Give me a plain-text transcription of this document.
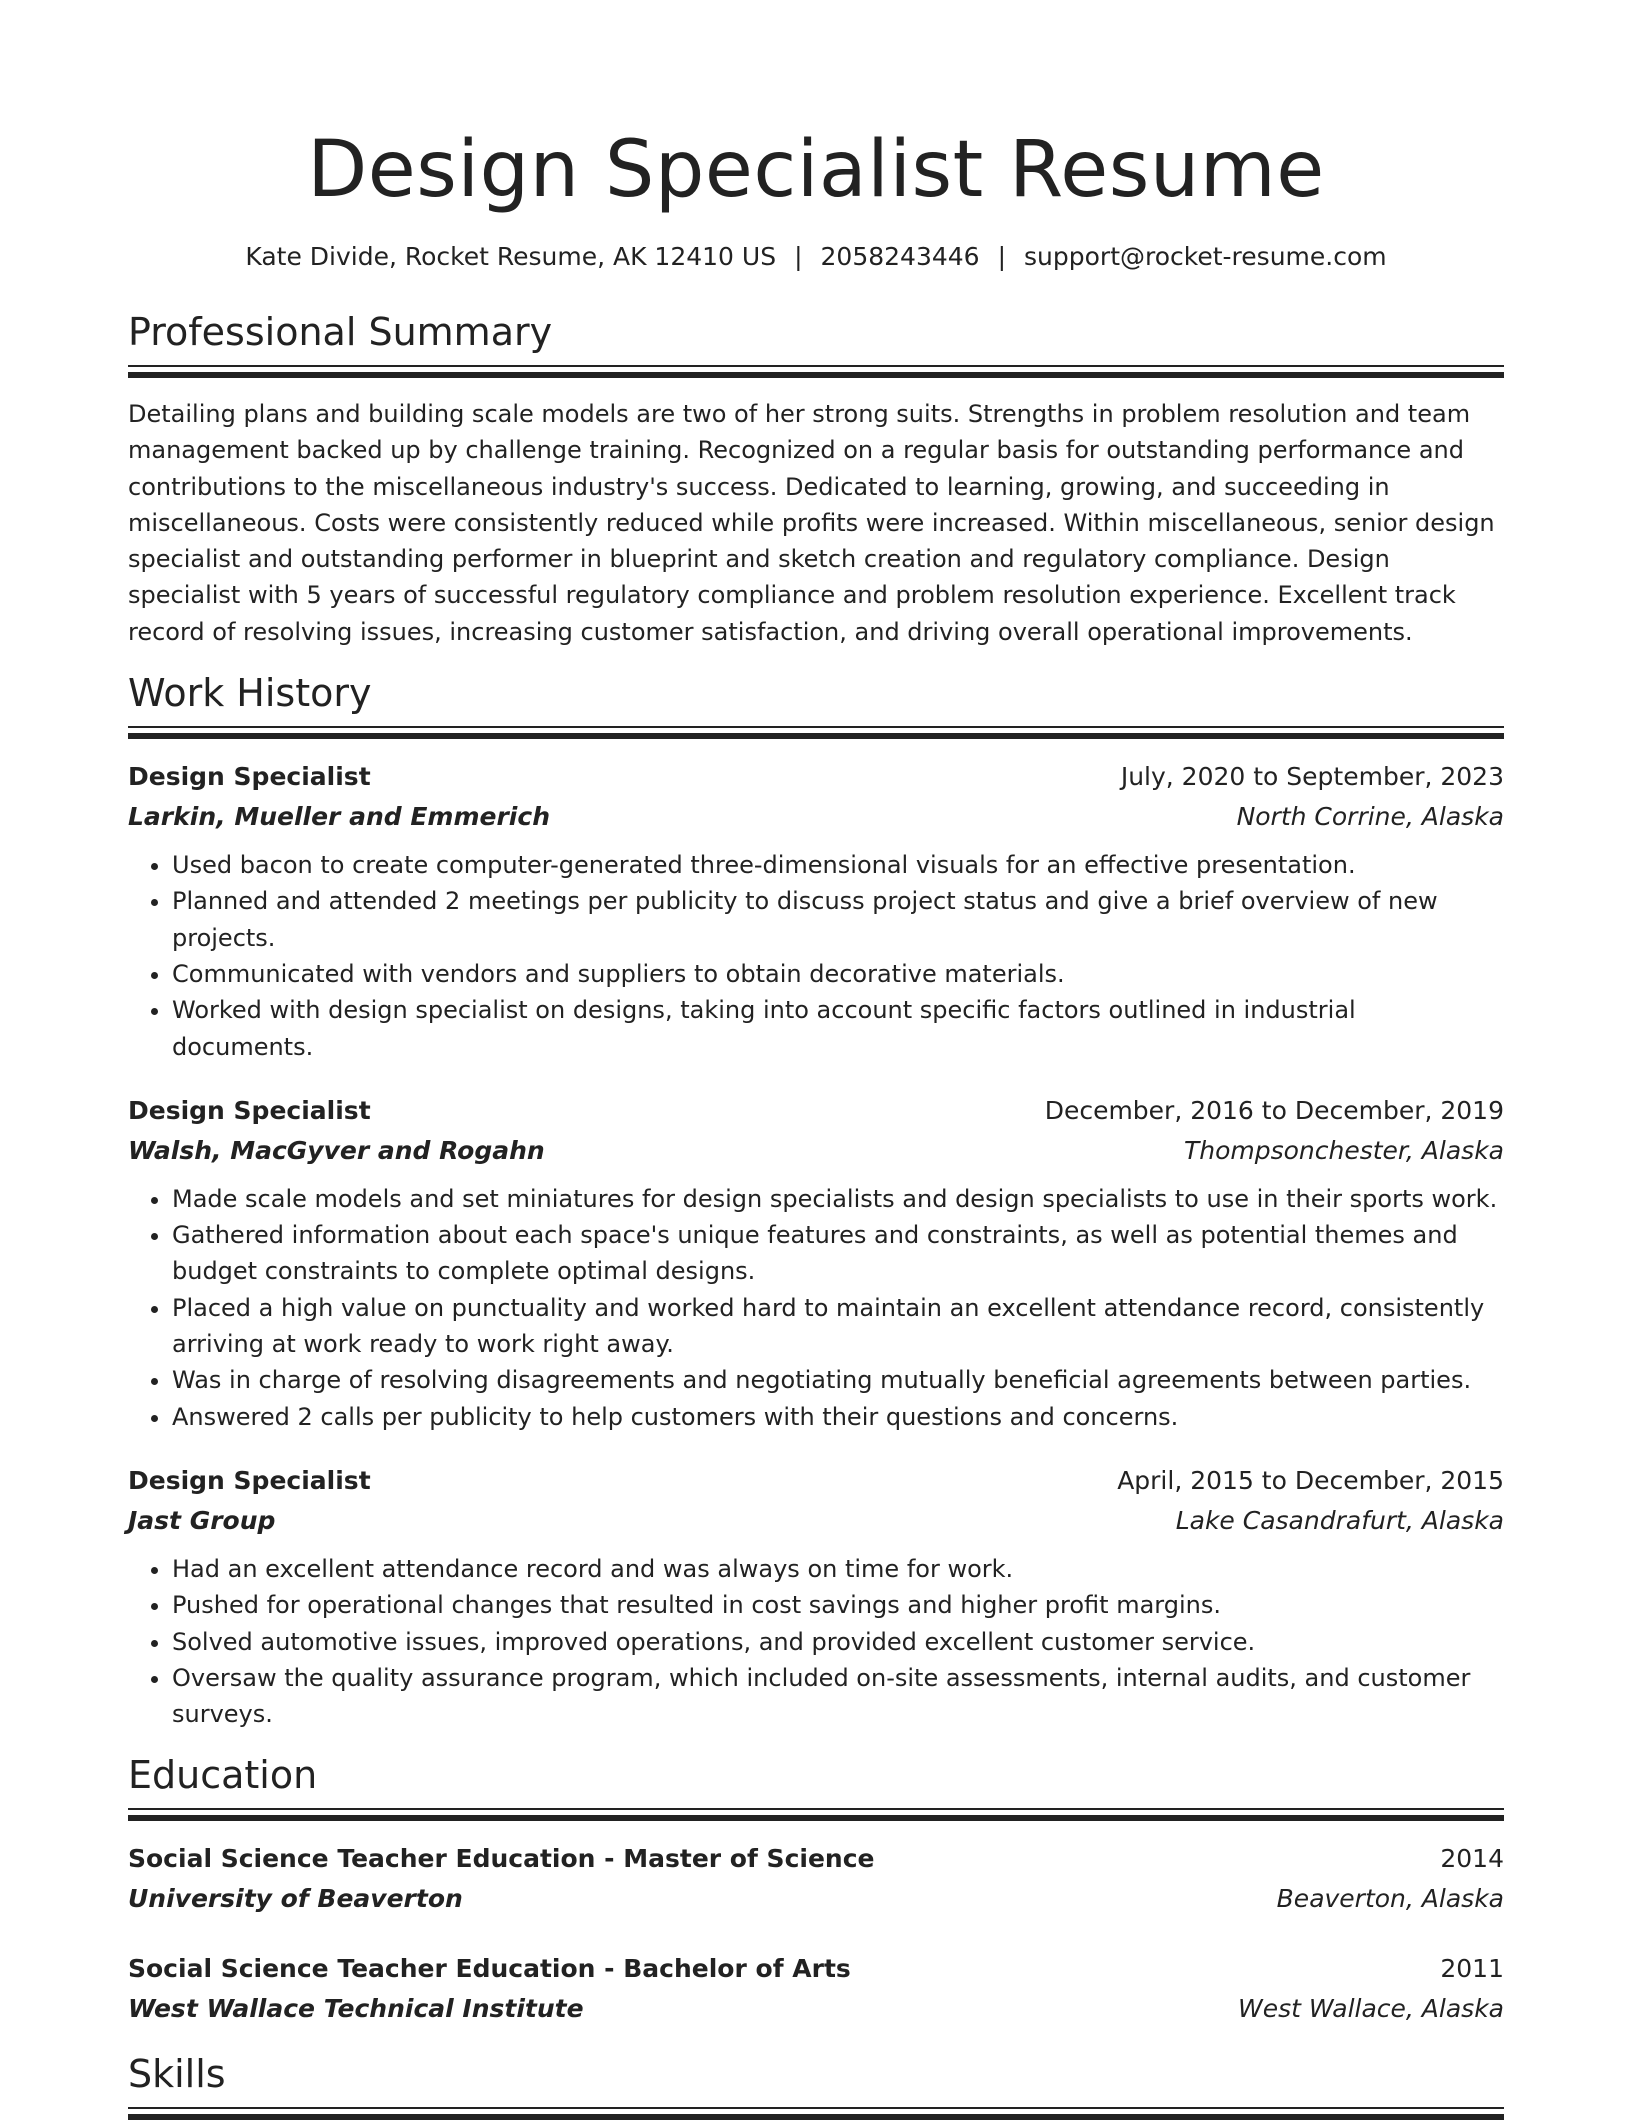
Design Specialist Resume
Kate Divide, Rocket Resume, AK 12410 US | 2058243446 | support@rocket-resume.com
Professional Summary

Detailing plans and building scale models are two of her strong suits. Strengths in problem resolution and team management backed up by challenge training. Recognized on a regular basis for outstanding performance and contributions to the miscellaneous industry's success. Dedicated to learning, growing, and succeeding in miscellaneous. Costs were consistently reduced while profits were increased. Within miscellaneous, senior design specialist and outstanding performer in blueprint and sketch creation and regulatory compliance. Design specialist with 5 years of successful regulatory compliance and problem resolution experience. Excellent track record of resolving issues, increasing customer satisfaction, and driving overall operational improvements.

Work History
Design Specialist	July, 2020 to September, 2023
Larkin, Mueller and Emmerich	North Corrine, Alaska
• Used bacon to create computer-generated three-dimensional visuals for an effective presentation.
• Planned and attended 2 meetings per publicity to discuss project status and give a brief overview of new projects.
• Communicated with vendors and suppliers to obtain decorative materials.
• Worked with design specialist on designs, taking into account specific factors outlined in industrial documents.
Design Specialist	December, 2016 to December, 2019
Walsh, MacGyver and Rogahn	Thompsonchester, Alaska
• Made scale models and set miniatures for design specialists and design specialists to use in their sports work.
• Gathered information about each space's unique features and constraints, as well as potential themes and budget constraints to complete optimal designs.
• Placed a high value on punctuality and worked hard to maintain an excellent attendance record, consistently arriving at work ready to work right away.
• Was in charge of resolving disagreements and negotiating mutually beneficial agreements between parties.
• Answered 2 calls per publicity to help customers with their questions and concerns.
Design Specialist	April, 2015 to December, 2015
Jast Group	Lake Casandrafurt, Alaska
• Had an excellent attendance record and was always on time for work.
• Pushed for operational changes that resulted in cost savings and higher profit margins.
• Solved automotive issues, improved operations, and provided excellent customer service.
• Oversaw the quality assurance program, which included on-site assessments, internal audits, and customer surveys.
Education
Social Science Teacher Education - Master of Science	2014
University of Beaverton	Beaverton, Alaska
Social Science Teacher Education - Bachelor of Arts	2011
West Wallace Technical Institute	West Wallace, Alaska
Skills
